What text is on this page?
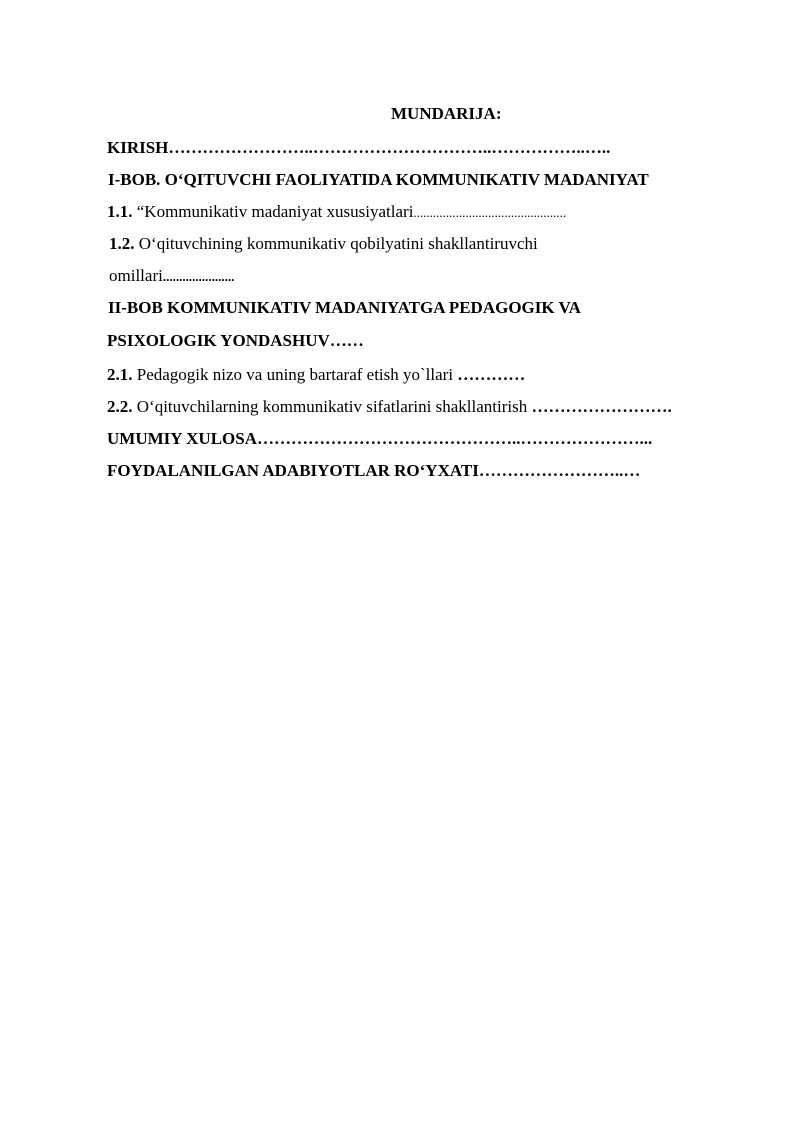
MUNDARIJA:
KIRISH……………………..…………………………..……………..…..
I-BOB. O‘QITUVCHI FAOLIYATIDA KOMMUNIKATIV MADANIYAT
1.1. “Kommunikativ madaniyat xususiyatlari...............................................
1.2. O‘qituvchining kommunikativ qobilyatini shakllantiruvchi
omillari......................
II-BOB KOMMUNIKATIV MADANIYATGA PEDAGOGIK VA
PSIXOLOGIK YONDASHUV……
2.1. Pedagogik nizo va uning bartaraf etish yo`llari …………
2.2. O‘qituvchilarning kommunikativ sifatlarini shakllantirish …………………….
UMUMIY XULOSA………………………………………..…………………...
FOYDALANILGAN ADABIYOTLAR RO‘YXATI……………………..…
